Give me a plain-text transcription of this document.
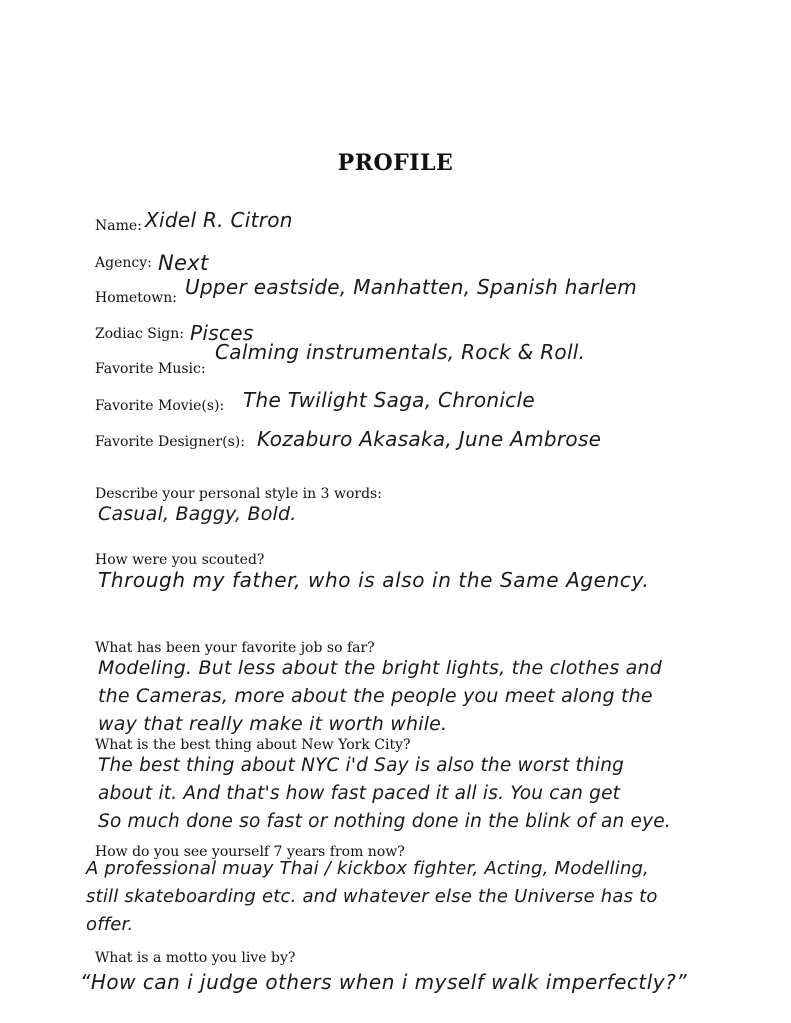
PROFILE
Name: Xidel R. Citron
Agency: Next
Hometown: Upper eastside, Manhatten, Spanish harlem
Zodiac Sign: Pisces
Favorite Music:
Calming instrumentals, Rock & Roll.
Favorite Movie(s): The Twilight Saga, Chronicle
Favorite Designer(s): Kozaburo Akasaka, June Ambrose
Describe your personal style in 3 words:
Casual, Baggy, Bold.
How were you scouted?
Through my father, who is also in the Same Agency.
What has been your favorite job so far?
Modeling. But less about the bright lights, the clothes and
the Cameras, more about the people you meet along the
way that really make it worth while.
What is the best thing about New York City?
The best thing about NYC i'd Say is also the worst thing
about it. And that's how fast paced it all is. You can get
So much done so fast or nothing done in the blink of an eye.
How do you see yourself 7 years from now?
A professional muay Thai / kickbox fighter, Acting, Modelling,
still skateboarding etc. and whatever else the Universe has to
offer.
What is a motto you live by?
“How can i judge others when i myself walk imperfectly?”
